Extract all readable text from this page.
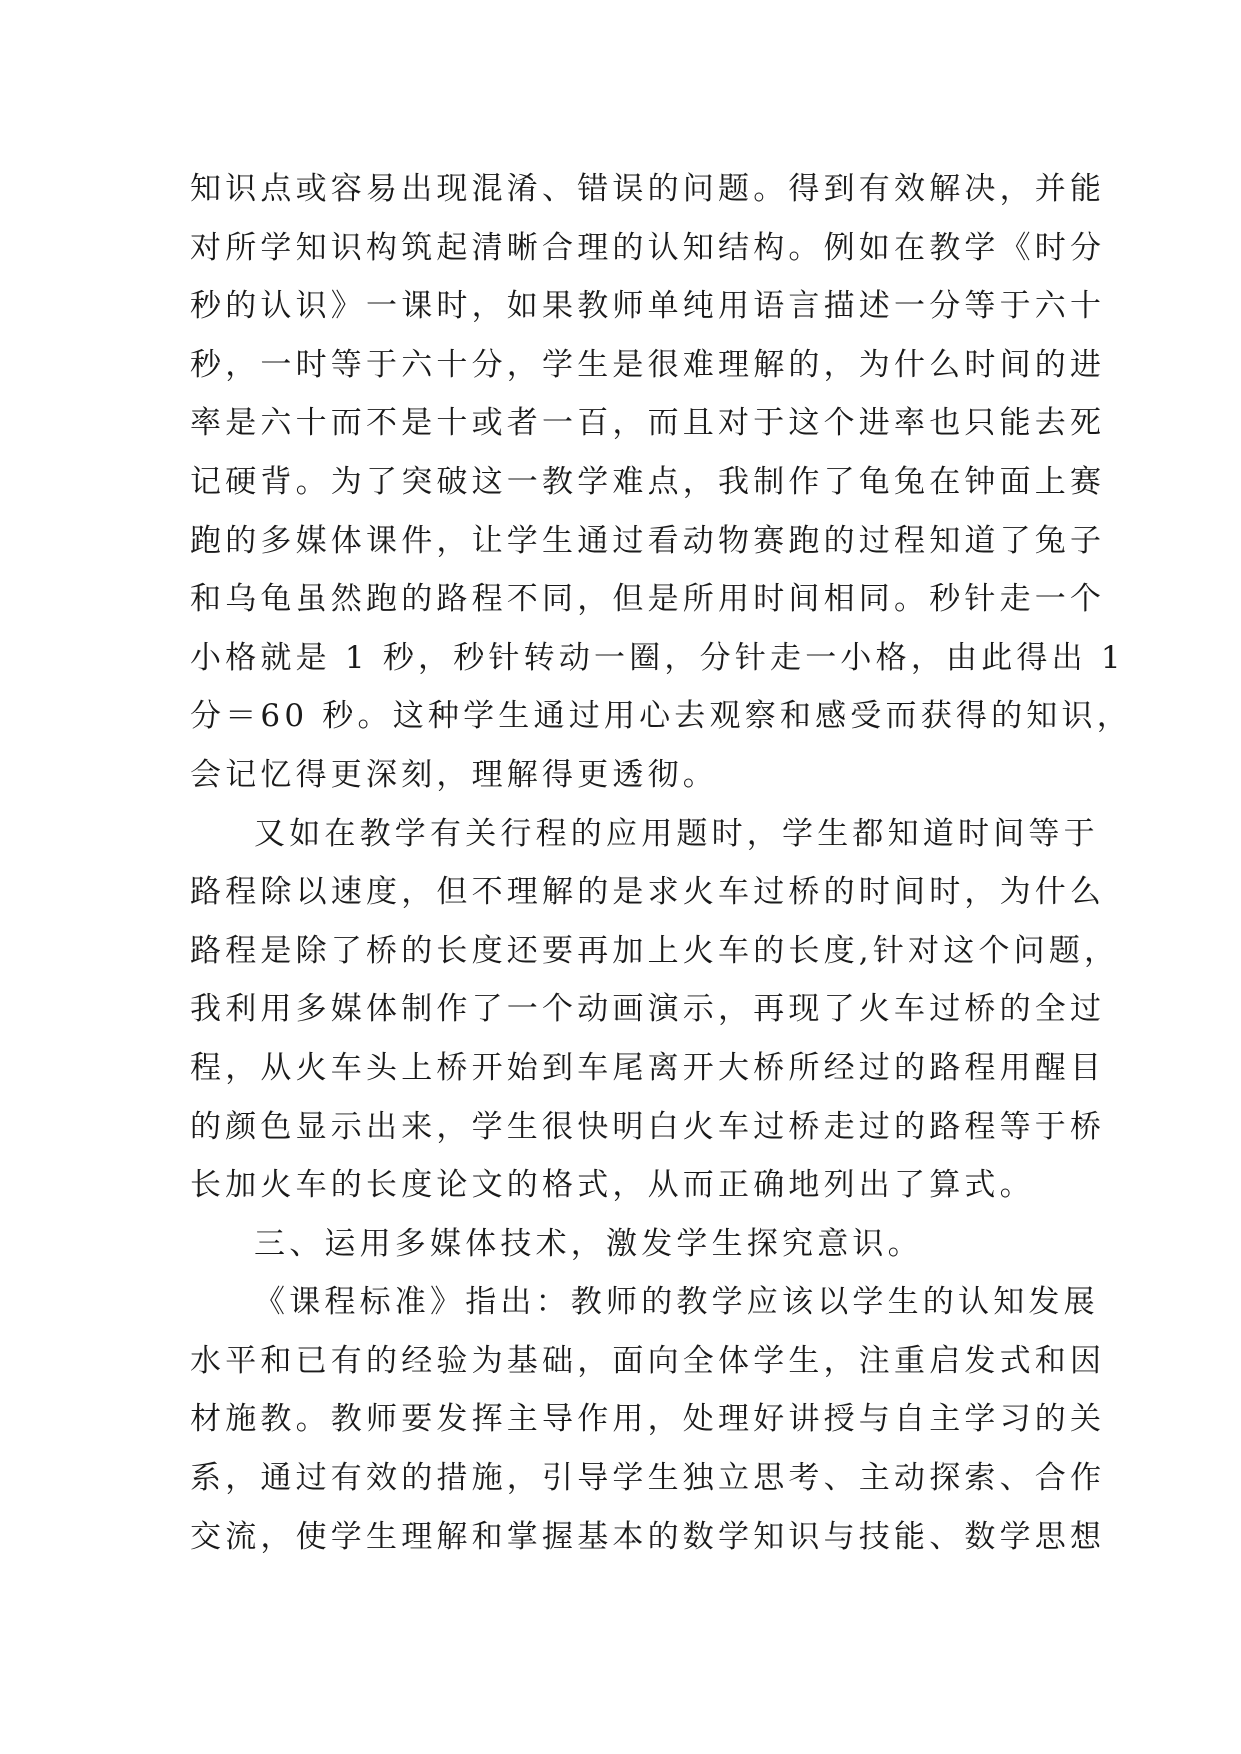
知识点或容易出现混淆、错误的问题。得到有效解决，并能
对所学知识构筑起清晰合理的认知结构。例如在教学《时分
秒的认识》一课时，如果教师单纯用语言描述一分等于六十
秒，一时等于六十分，学生是很难理解的，为什么时间的进
率是六十而不是十或者一百，而且对于这个进率也只能去死
记硬背。为了突破这一教学难点，我制作了龟兔在钟面上赛
跑的多媒体课件，让学生通过看动物赛跑的过程知道了兔子
和乌龟虽然跑的路程不同，但是所用时间相同。秒针走一个
小格就是 1 秒，秒针转动一圈，分针走一小格，由此得出 1
分＝60 秒。这种学生通过用心去观察和感受而获得的知识，
会记忆得更深刻，理解得更透彻。
又如在教学有关行程的应用题时，学生都知道时间等于
路程除以速度，但不理解的是求火车过桥的时间时，为什么
路程是除了桥的长度还要再加上火车的长度,针对这个问题，
我利用多媒体制作了一个动画演示，再现了火车过桥的全过
程，从火车头上桥开始到车尾离开大桥所经过的路程用醒目
的颜色显示出来，学生很快明白火车过桥走过的路程等于桥
长加火车的长度论文的格式，从而正确地列出了算式。
三、运用多媒体技术，激发学生探究意识。
《课程标准》指出：教师的教学应该以学生的认知发展
水平和已有的经验为基础，面向全体学生，注重启发式和因
材施教。教师要发挥主导作用，处理好讲授与自主学习的关
系，通过有效的措施，引导学生独立思考、主动探索、合作
交流，使学生理解和掌握基本的数学知识与技能、数学思想
